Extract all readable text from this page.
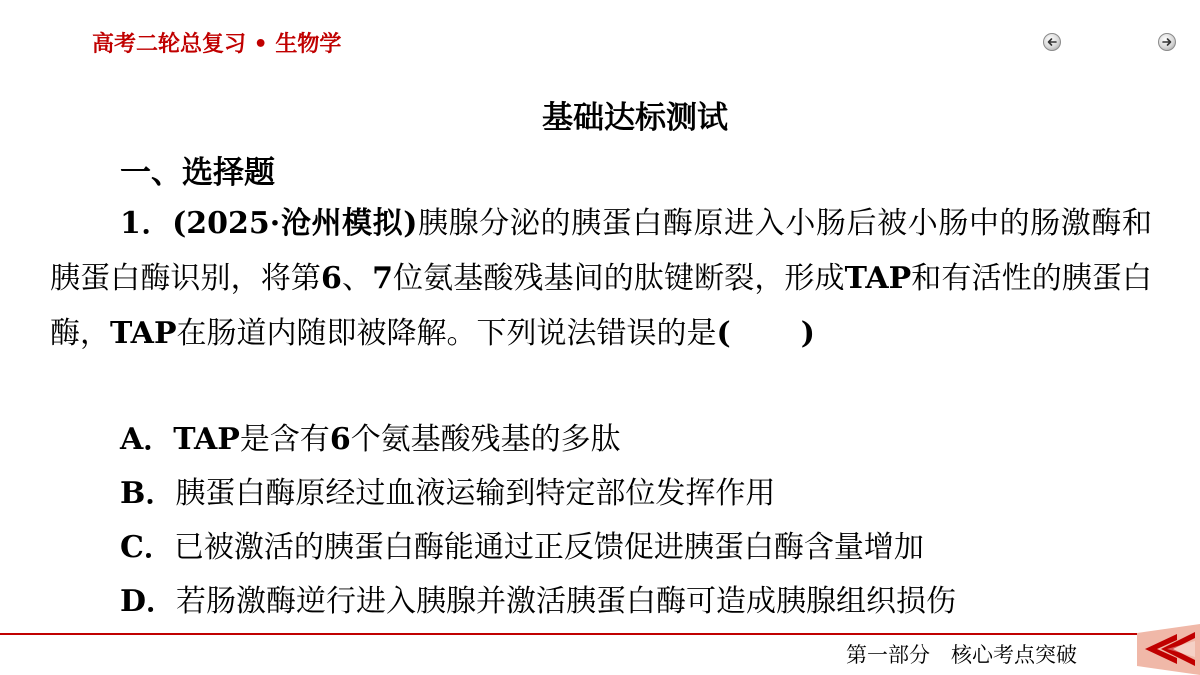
高考二轮总复习 • 生物学
基础达标测试
一、选择题
1．(2025·沧州模拟)胰腺分泌的胰蛋白酶原进入小肠后被小肠中的肠激酶和胰蛋白酶识别，将第6、7位氨基酸残基间的肽键断裂，形成TAP和有活性的胰蛋白酶，TAP在肠道内随即被降解。下列说法错误的是( )
A．TAP是含有6个氨基酸残基的多肽
B．胰蛋白酶原经过血液运输到特定部位发挥作用
C．已被激活的胰蛋白酶能通过正反馈促进胰蛋白酶含量增加
D．若肠激酶逆行进入胰腺并激活胰蛋白酶可造成胰腺组织损伤
第一部分　核心考点突破
